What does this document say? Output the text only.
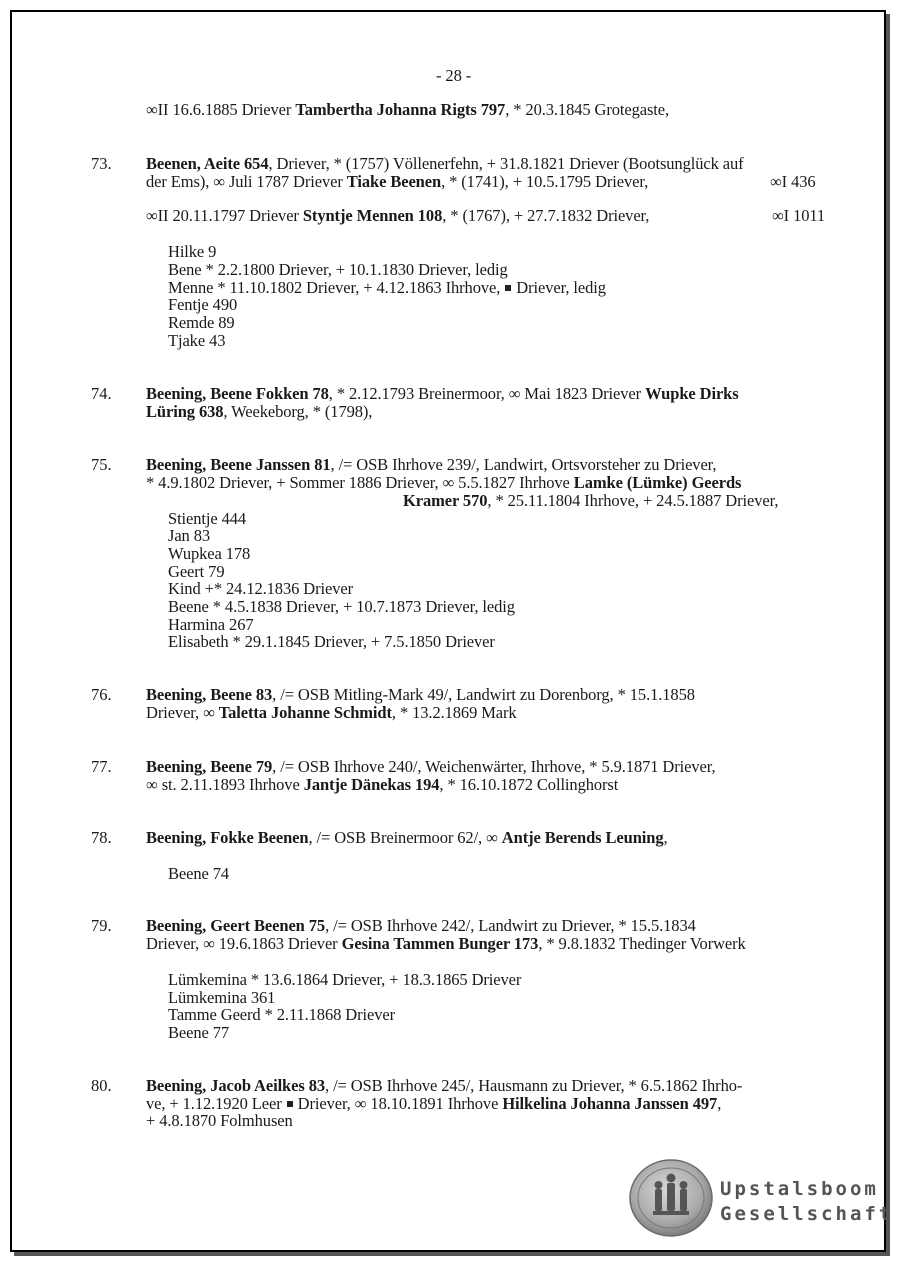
- 28 -
∞II 16.6.1885 Driever Tambertha Johanna Rigts 797, * 20.3.1845 Grotegaste,
73. Beenen, Aeite 654, Driever, * (1757) Völlenerfehn, + 31.8.1821 Driever (Bootsunglück auf
der Ems), ∞ Juli 1787 Driever Tiake Beenen, * (1741), + 10.5.1795 Driever,	∞I 436
∞II 20.11.1797 Driever Styntje Mennen 108, * (1767), + 27.7.1832 Driever,	∞I 1011
Hilke 9
Bene * 2.2.1800 Driever, + 10.1.1830 Driever, ledig
Menne * 11.10.1802 Driever, + 4.12.1863 Ihrhove,  Driever, ledig
Fentje 490
Remde 89
Tjake 43
74. Beening, Beene Fokken 78, * 2.12.1793 Breinermoor, ∞ Mai 1823 Driever Wupke Dirks
Lüring 638, Weekeborg, * (1798),
75. Beening, Beene Janssen 81, /= OSB Ihrhove 239/, Landwirt, Ortsvorsteher zu Driever,
* 4.9.1802 Driever, + Sommer 1886 Driever, ∞ 5.5.1827 Ihrhove Lamke (Lümke) Geerds
Kramer 570, * 25.11.1804 Ihrhove, + 24.5.1887 Driever,
Stientje 444
Jan 83
Wupkea 178
Geert 79
Kind +* 24.12.1836 Driever
Beene * 4.5.1838 Driever, + 10.7.1873 Driever, ledig
Harmina 267
Elisabeth * 29.1.1845 Driever, + 7.5.1850 Driever
76. Beening, Beene 83, /= OSB Mitling-Mark 49/, Landwirt zu Dorenborg, * 15.1.1858
Driever, ∞ Taletta Johanne Schmidt, * 13.2.1869 Mark
77. Beening, Beene 79, /= OSB Ihrhove 240/, Weichenwärter, Ihrhove, * 5.9.1871 Driever,
∞ st. 2.11.1893 Ihrhove Jantje Dänekas 194, * 16.10.1872 Collinghorst
78. Beening, Fokke Beenen, /= OSB Breinermoor 62/, ∞ Antje Berends Leuning,
Beene 74
79. Beening, Geert Beenen 75, /= OSB Ihrhove 242/, Landwirt zu Driever, * 15.5.1834
Driever, ∞ 19.6.1863 Driever Gesina Tammen Bunger 173, * 9.8.1832 Thedinger Vorwerk
Lümkemina * 13.6.1864 Driever, + 18.3.1865 Driever
Lümkemina 361
Tamme Geerd * 2.11.1868 Driever
Beene 77
80. Beening, Jacob Aeilkes 83, /= OSB Ihrhove 245/, Hausmann zu Driever, * 6.5.1862 Ihrho-
ve, + 1.12.1920 Leer  Driever, ∞ 18.10.1891 Ihrhove Hilkelina Johanna Janssen 497,
+ 4.8.1870 Folmhusen
Upstalsboom
Gesellschaft
